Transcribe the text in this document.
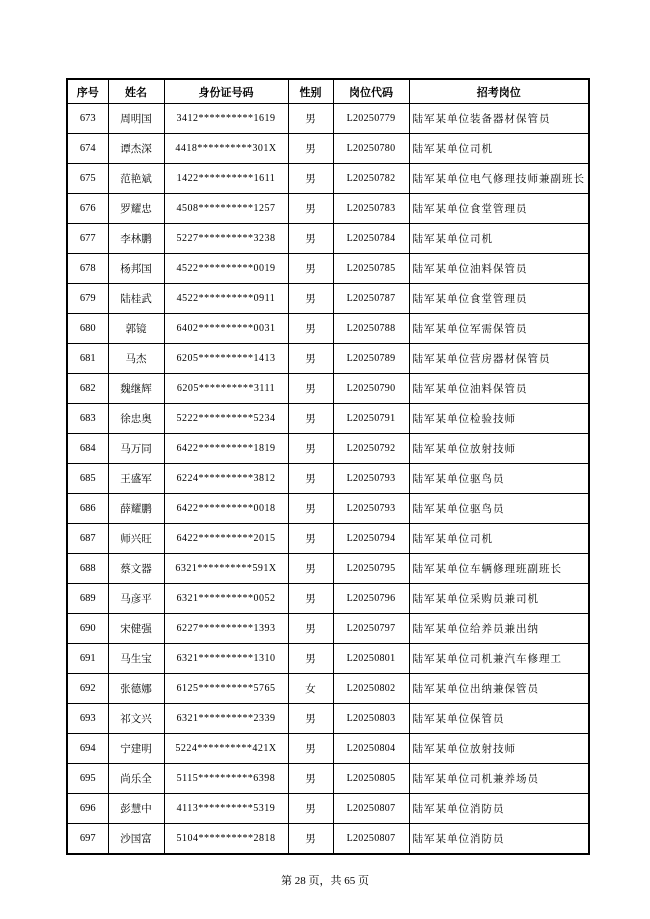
序号	姓名	身份证号码	性别	岗位代码	招考岗位
673	周明国	3412**********1619	男	L20250779	陆军某单位装备器材保管员
674	谭杰深	4418**********301X	男	L20250780	陆军某单位司机
675	范艳斌	1422**********1611	男	L20250782	陆军某单位电气修理技师兼副班长
676	罗耀忠	4508**********1257	男	L20250783	陆军某单位食堂管理员
677	李林鹏	5227**********3238	男	L20250784	陆军某单位司机
678	杨邦国	4522**********0019	男	L20250785	陆军某单位油料保管员
679	陆桂武	4522**********0911	男	L20250787	陆军某单位食堂管理员
680	郭镜	6402**********0031	男	L20250788	陆军某单位军需保管员
681	马杰	6205**********1413	男	L20250789	陆军某单位营房器材保管员
682	魏继辉	6205**********3111	男	L20250790	陆军某单位油料保管员
683	徐忠奥	5222**********5234	男	L20250791	陆军某单位检验技师
684	马万同	6422**********1819	男	L20250792	陆军某单位放射技师
685	王盛军	6224**********3812	男	L20250793	陆军某单位驱鸟员
686	薛耀鹏	6422**********0018	男	L20250793	陆军某单位驱鸟员
687	师兴旺	6422**********2015	男	L20250794	陆军某单位司机
688	蔡文器	6321**********591X	男	L20250795	陆军某单位车辆修理班副班长
689	马彦平	6321**********0052	男	L20250796	陆军某单位采购员兼司机
690	宋健强	6227**********1393	男	L20250797	陆军某单位给养员兼出纳
691	马生宝	6321**********1310	男	L20250801	陆军某单位司机兼汽车修理工
692	张德娜	6125**********5765	女	L20250802	陆军某单位出纳兼保管员
693	祁文兴	6321**********2339	男	L20250803	陆军某单位保管员
694	宁建明	5224**********421X	男	L20250804	陆军某单位放射技师
695	尚乐全	5115**********6398	男	L20250805	陆军某单位司机兼养场员
696	彭慧中	4113**********5319	男	L20250807	陆军某单位消防员
697	沙国富	5104**********2818	男	L20250807	陆军某单位消防员
第 28 页，共 65 页
